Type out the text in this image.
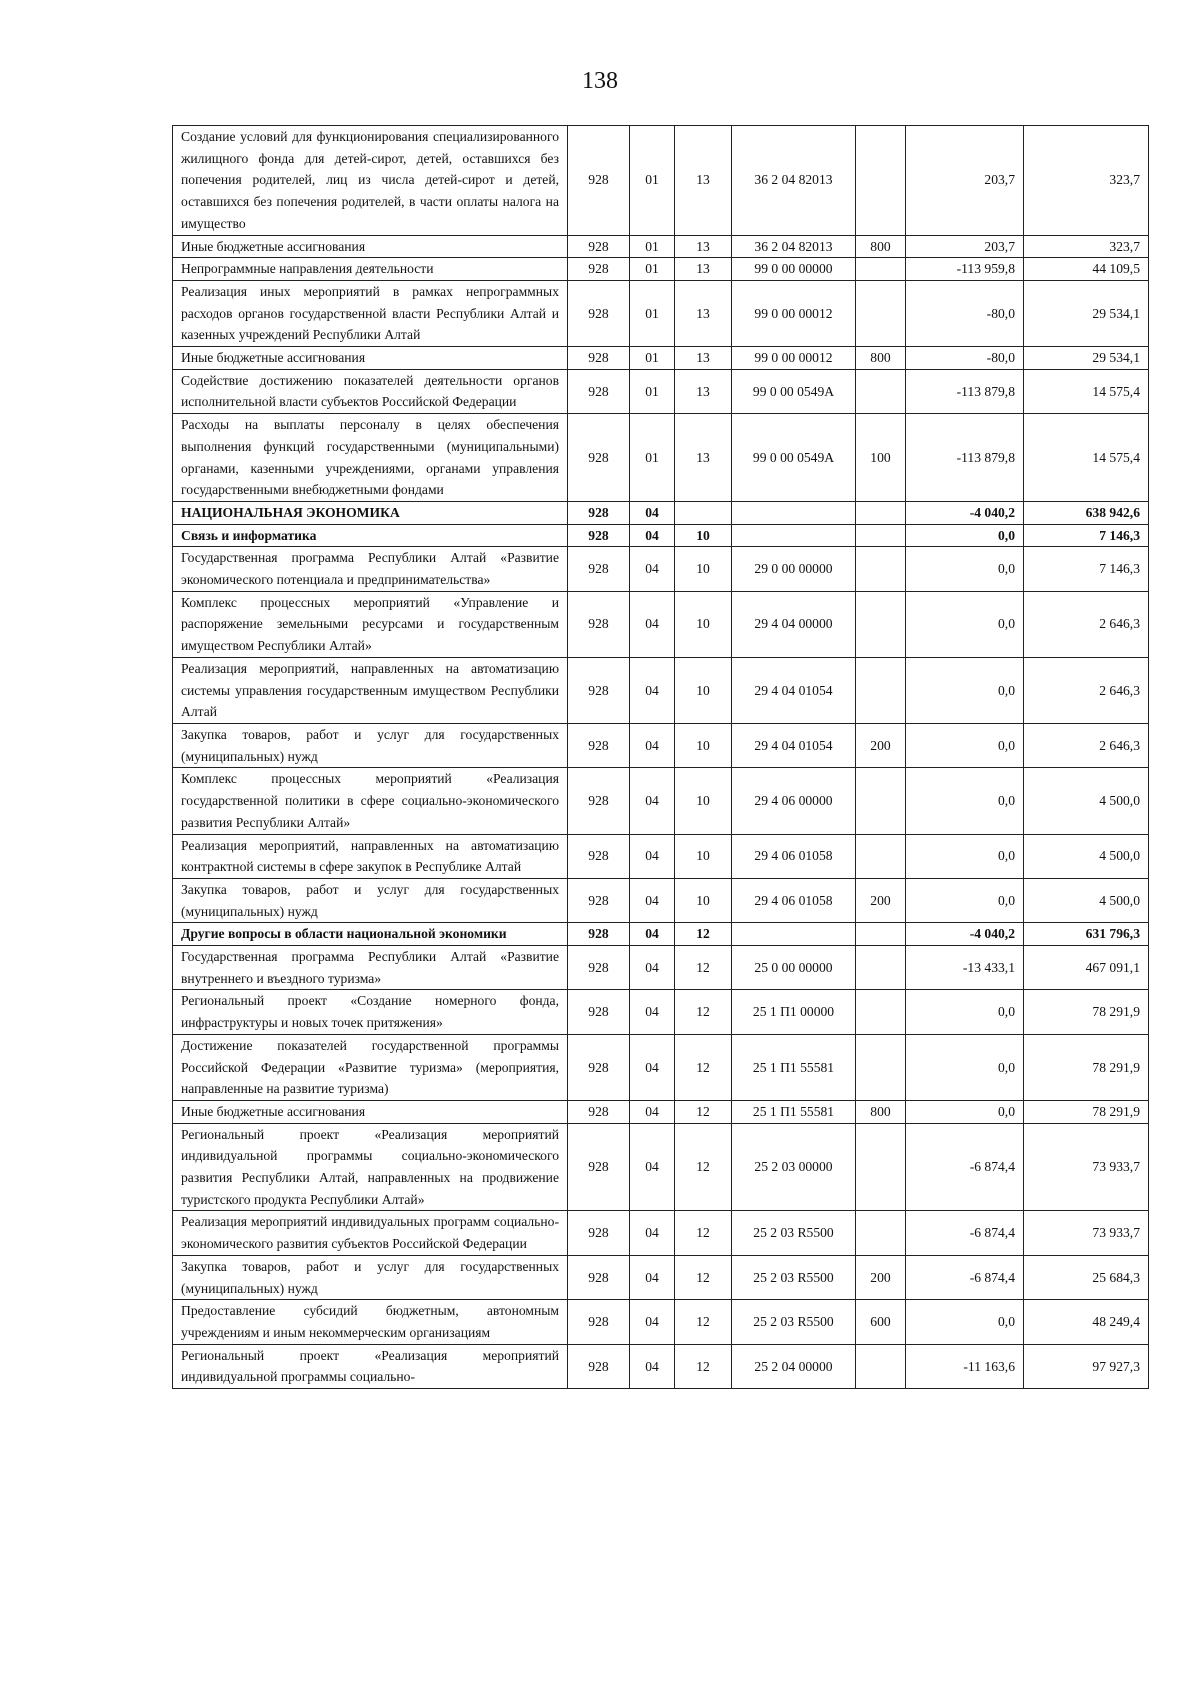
138
Создание условий для функционирования специализированного жилищного фонда для детей-сирот, детей, оставшихся без попечения родителей, лиц из числа детей-сирот и детей, оставшихся без попечения родителей, в части оплаты налога на имущество	928	01	13	36 2 04 82013		203,7	323,7
Иные бюджетные ассигнования	928	01	13	36 2 04 82013	800	203,7	323,7
Непрограммные направления деятельности	928	01	13	99 0 00 00000		-113 959,8	44 109,5
Реализация иных мероприятий в рамках непрограммных расходов органов государственной власти Республики Алтай и казенных учреждений Республики Алтай	928	01	13	99 0 00 00012		-80,0	29 534,1
Иные бюджетные ассигнования	928	01	13	99 0 00 00012	800	-80,0	29 534,1
Содействие достижению показателей деятельности органов исполнительной власти субъектов Российской Федерации	928	01	13	99 0 00 0549А		-113 879,8	14 575,4
Расходы на выплаты персоналу в целях обеспечения выполнения функций государственными (муниципальными) органами, казенными учреждениями, органами управления государственными внебюджетными фондами	928	01	13	99 0 00 0549А	100	-113 879,8	14 575,4
НАЦИОНАЛЬНАЯ ЭКОНОМИКА	928	04				-4 040,2	638 942,6
Связь и информатика	928	04	10			0,0	7 146,3
Государственная программа Республики Алтай «Развитие экономического потенциала и предпринимательства»	928	04	10	29 0 00 00000		0,0	7 146,3
Комплекс процессных мероприятий «Управление и распоряжение земельными ресурсами и государственным имуществом Республики Алтай»	928	04	10	29 4 04 00000		0,0	2 646,3
Реализация мероприятий, направленных на автоматизацию системы управления государственным имуществом Республики Алтай	928	04	10	29 4 04 01054		0,0	2 646,3
Закупка товаров, работ и услуг для государственных (муниципальных) нужд	928	04	10	29 4 04 01054	200	0,0	2 646,3
Комплекс процессных мероприятий «Реализация государственной политики в сфере социально-экономического развития Республики Алтай»	928	04	10	29 4 06 00000		0,0	4 500,0
Реализация мероприятий, направленных на автоматизацию контрактной системы в сфере закупок в Республике Алтай	928	04	10	29 4 06 01058		0,0	4 500,0
Закупка товаров, работ и услуг для государственных (муниципальных) нужд	928	04	10	29 4 06 01058	200	0,0	4 500,0
Другие вопросы в области национальной экономики	928	04	12			-4 040,2	631 796,3
Государственная программа Республики Алтай «Развитие внутреннего и въездного туризма»	928	04	12	25 0 00 00000		-13 433,1	467 091,1
Региональный проект «Создание номерного фонда, инфраструктуры и новых точек притяжения»	928	04	12	25 1 П1 00000		0,0	78 291,9
Достижение показателей государственной программы Российской Федерации «Развитие туризма» (мероприятия, направленные на развитие туризма)	928	04	12	25 1 П1 55581		0,0	78 291,9
Иные бюджетные ассигнования	928	04	12	25 1 П1 55581	800	0,0	78 291,9
Региональный проект «Реализация мероприятий индивидуальной программы социально-экономического развития Республики Алтай, направленных на продвижение туристского продукта Республики Алтай»	928	04	12	25 2 03 00000		-6 874,4	73 933,7
Реализация мероприятий индивидуальных программ социально-экономического развития субъектов Российской Федерации	928	04	12	25 2 03 R5500		-6 874,4	73 933,7
Закупка товаров, работ и услуг для государственных (муниципальных) нужд	928	04	12	25 2 03 R5500	200	-6 874,4	25 684,3
Предоставление субсидий бюджетным, автономным учреждениям и иным некоммерческим организациям	928	04	12	25 2 03 R5500	600	0,0	48 249,4
Региональный проект «Реализация мероприятий индивидуальной программы социально-	928	04	12	25 2 04 00000		-11 163,6	97 927,3
